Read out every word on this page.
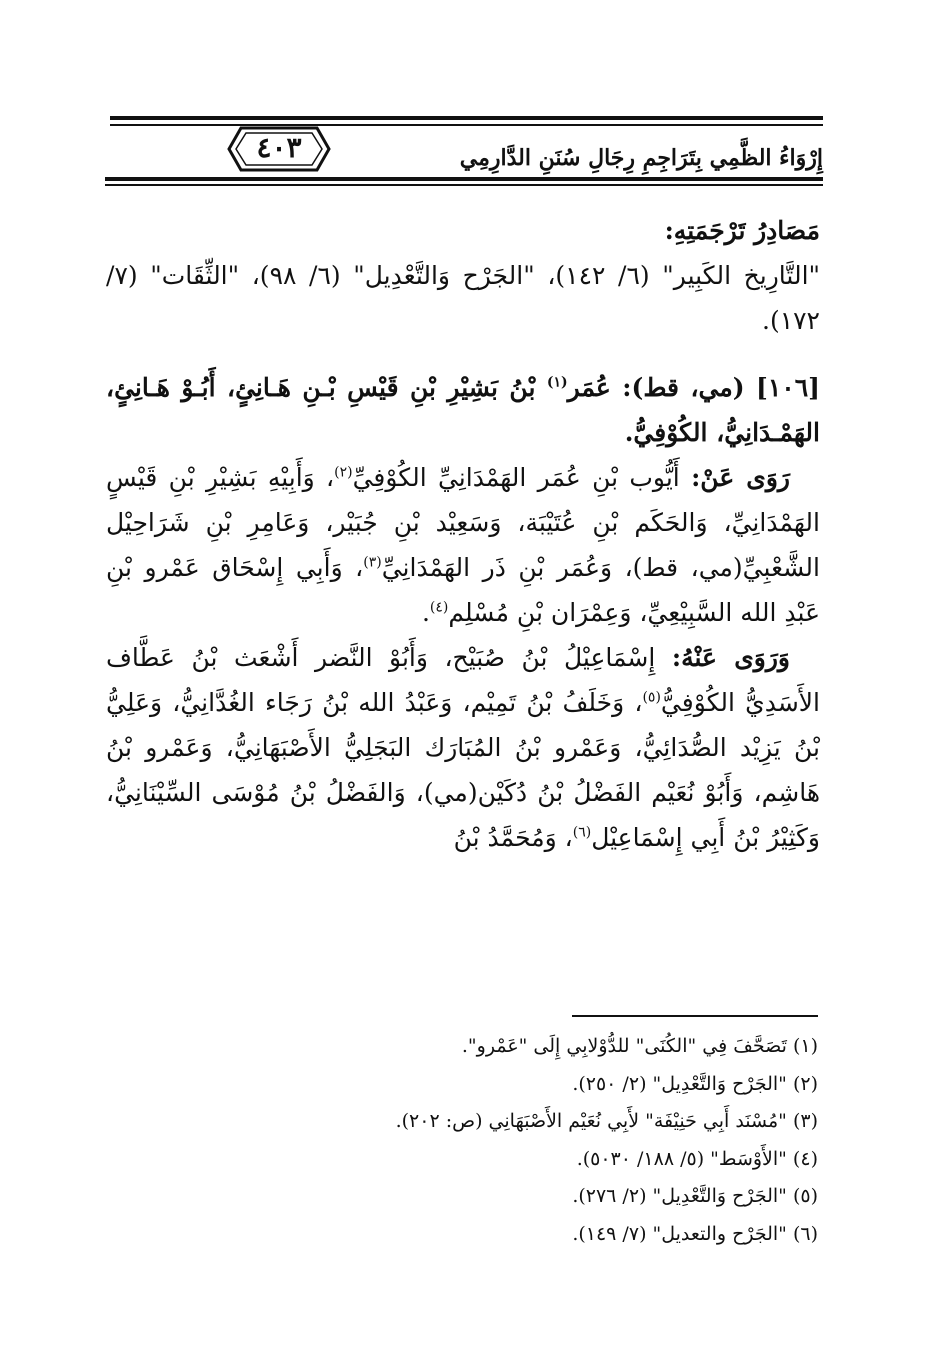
٤٠٣	إِرْوَاءُ الظَّمِي بِتَرَاجِمِ رِجَالِ سُنَنِ الدَّارِمِي

مَصَادِرُ تَرْجَمَتِهِ:

"التَّارِيخ الكَبِير" (٦/ ١٤٢)، "الجَرْح وَالتَّعْدِيل" (٦/ ٩٨)، "الثِّقَات" (٧/ ١٧٢).

[١٠٦] (مي، قط): عُمَر$^{(١)}$ بْنُ بَشِيْرِ بْنِ قَيْسِ بْـنِ هَـانِئٍ، أَبُـوْ هَـانِئٍ، الهَمْـدَانِيُّ، الكُوْفِيُّ.

رَوَى عَنْ: أَيُّوب بْنِ عُمَر الهَمْدَانِيِّ الكُوْفِيِّ$^{(٢)}$، وَأَبِيْهِ بَشِيْرِ بْنِ قَيْسٍ الهَمْدَانِيِّ، وَالحَكَم بْنِ عُتَيْبَة، وَسَعِيْد بْنِ جُبَيْر، وَعَامِرِ بْنِ شَرَاحِيْل الشَّعْبِيِّ(مي، قط)، وَعُمَر بْنِ ذَر الهَمْدَانِيِّ$^{(٣)}$، وَأَبِي إِسْحَاق عَمْرو بْنِ عَبْدِ الله السَّبِيْعِيِّ، وَعِمْرَان بْنِ مُسْلِم$^{(٤)}$.

وَرَوَى عَنْهُ: إِسْمَاعِيْلُ بْنُ صُبَيْح، وَأَبُوْ النَّضر أَشْعَث بْنُ عَطَّاف الأَسَدِيُّ الكُوْفِيُّ$^{(٥)}$، وَخَلَفُ بْنُ تَمِيْم، وَعَبْدُ الله بْنُ رَجَاء الغُدَّانِيُّ، وَعَلِيُّ بْنُ يَزِيْد الصُّدَائِيُّ، وَعَمْرو بْنُ المُبَارَك البَجَلِيُّ الأَصْبَهَانِيُّ، وَعَمْرو بْنُ هَاشِم، وَأَبُوْ نُعَيْم الفَضْلُ بْنُ دُكَيْن(مي)، وَالفَضْلُ بْنُ مُوْسَى السِّيْنَانِيُّ، وَكَثِيْرُ بْنُ أَبِي إِسْمَاعِيْل$^{(٦)}$، وَمُحَمَّدُ بْنُ

(١) تَصَحَّفَ فِي "الكُنَى" للدُّوْلابِي إِلَى "عَمْرو".
(٢) "الجَرْح وَالتَّعْدِيل" (٢/ ٢٥٠).
(٣) "مُسْنَد أَبِي حَنِيْفَة" لأَبِي نُعَيْم الأَصْبَهَانِي (ص: ٢٠٢).
(٤) "الأَوْسَط" (٥/ ١٨٨/ ٥٠٣٠).
(٥) "الجَرْح وَالتَّعْدِيل" (٢/ ٢٧٦).
(٦) "الجَرْح والتعديل" (٧/ ١٤٩).
